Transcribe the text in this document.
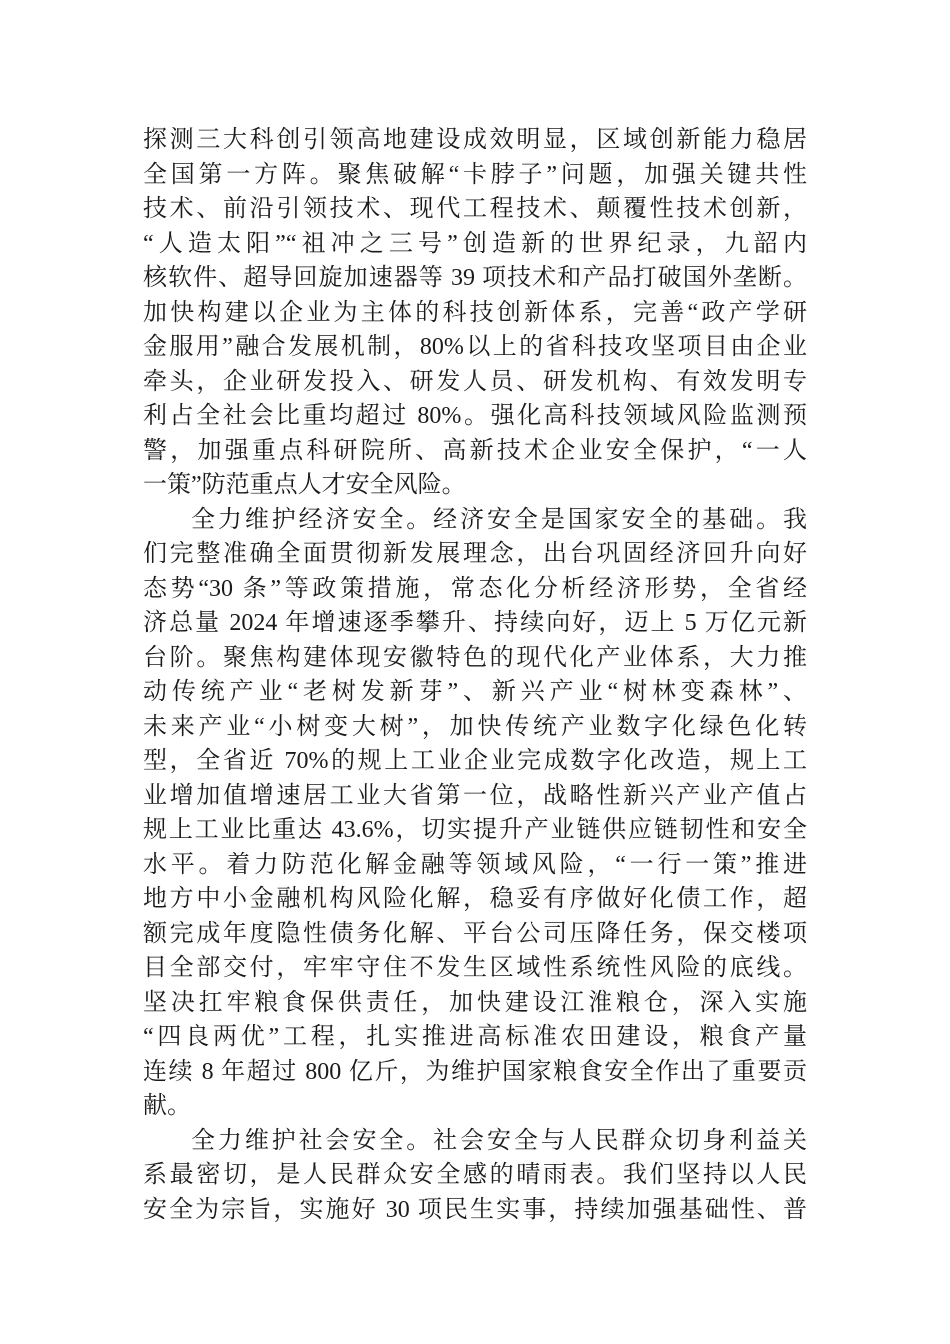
探测三大科创引领高地建设成效明显，区域创新能力稳居
全国第一方阵。聚焦破解“卡脖子”问题，加强关键共性
技术、前沿引领技术、现代工程技术、颠覆性技术创新，
“人造太阳”“祖冲之三号”创造新的世界纪录，九韶内
核软件、超导回旋加速器等 39 项技术和产品打破国外垄断。
加快构建以企业为主体的科技创新体系，完善“政产学研
金服用”融合发展机制，80%以上的省科技攻坚项目由企业
牵头，企业研发投入、研发人员、研发机构、有效发明专
利占全社会比重均超过 80%。强化高科技领域风险监测预
警，加强重点科研院所、高新技术企业安全保护，“一人
一策”防范重点人才安全风险。
全力维护经济安全。经济安全是国家安全的基础。我
们完整准确全面贯彻新发展理念，出台巩固经济回升向好
态势“30 条”等政策措施，常态化分析经济形势，全省经
济总量 2024 年增速逐季攀升、持续向好，迈上 5 万亿元新
台阶。聚焦构建体现安徽特色的现代化产业体系，大力推
动传统产业“老树发新芽”、新兴产业“树林变森林”、
未来产业“小树变大树”，加快传统产业数字化绿色化转
型，全省近 70%的规上工业企业完成数字化改造，规上工
业增加值增速居工业大省第一位，战略性新兴产业产值占
规上工业比重达 43.6%，切实提升产业链供应链韧性和安全
水平。着力防范化解金融等领域风险，“一行一策”推进
地方中小金融机构风险化解，稳妥有序做好化债工作，超
额完成年度隐性债务化解、平台公司压降任务，保交楼项
目全部交付，牢牢守住不发生区域性系统性风险的底线。
坚决扛牢粮食保供责任，加快建设江淮粮仓，深入实施
“四良两优”工程，扎实推进高标准农田建设，粮食产量
连续 8 年超过 800 亿斤，为维护国家粮食安全作出了重要贡
献。
全力维护社会安全。社会安全与人民群众切身利益关
系最密切，是人民群众安全感的晴雨表。我们坚持以人民
安全为宗旨，实施好 30 项民生实事，持续加强基础性、普
